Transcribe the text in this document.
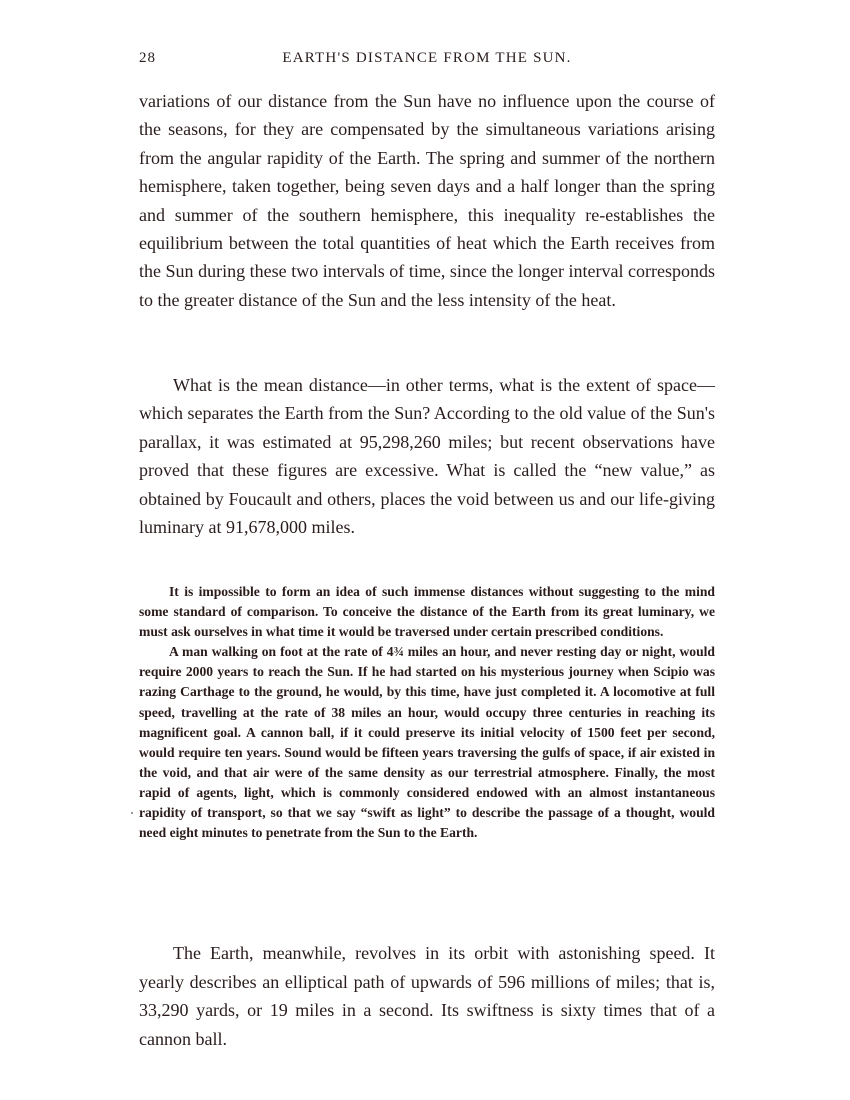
28	EARTH'S DISTANCE FROM THE SUN.

variations of our distance from the Sun have no influence upon the course of the seasons, for they are compensated by the simultaneous variations arising from the angular rapidity of the Earth. The spring and summer of the northern hemisphere, taken together, being seven days and a half longer than the spring and summer of the southern hemisphere, this inequality re-establishes the equilibrium between the total quantities of heat which the Earth receives from the Sun during these two intervals of time, since the longer interval corresponds to the greater distance of the Sun and the less intensity of the heat.

What is the mean distance—in other terms, what is the extent of space—which separates the Earth from the Sun? According to the old value of the Sun's parallax, it was estimated at 95,298,260 miles; but recent observations have proved that these figures are excessive. What is called the “new value,” as obtained by Foucault and others, places the void between us and our life-giving luminary at 91,678,000 miles.

It is impossible to form an idea of such immense distances without suggesting to the mind some standard of comparison. To conceive the distance of the Earth from its great luminary, we must ask ourselves in what time it would be traversed under certain prescribed conditions.

A man walking on foot at the rate of 4¾ miles an hour, and never resting day or night, would require 2000 years to reach the Sun. If he had started on his mysterious journey when Scipio was razing Carthage to the ground, he would, by this time, have just completed it. A locomotive at full speed, travelling at the rate of 38 miles an hour, would occupy three centuries in reaching its magnificent goal. A cannon ball, if it could preserve its initial velocity of 1500 feet per second, would require ten years. Sound would be fifteen years traversing the gulfs of space, if air existed in the void, and that air were of the same density as our terrestrial atmosphere. Finally, the most rapid of agents, light, which is commonly considered endowed with an almost instantaneous rapidity of transport, so that we say “swift as light” to describe the passage of a thought, would need eight minutes to penetrate from the Sun to the Earth.

The Earth, meanwhile, revolves in its orbit with astonishing speed. It yearly describes an elliptical path of upwards of 596 millions of miles; that is, 33,290 yards, or 19 miles in a second. Its swiftness is sixty times that of a cannon ball.
